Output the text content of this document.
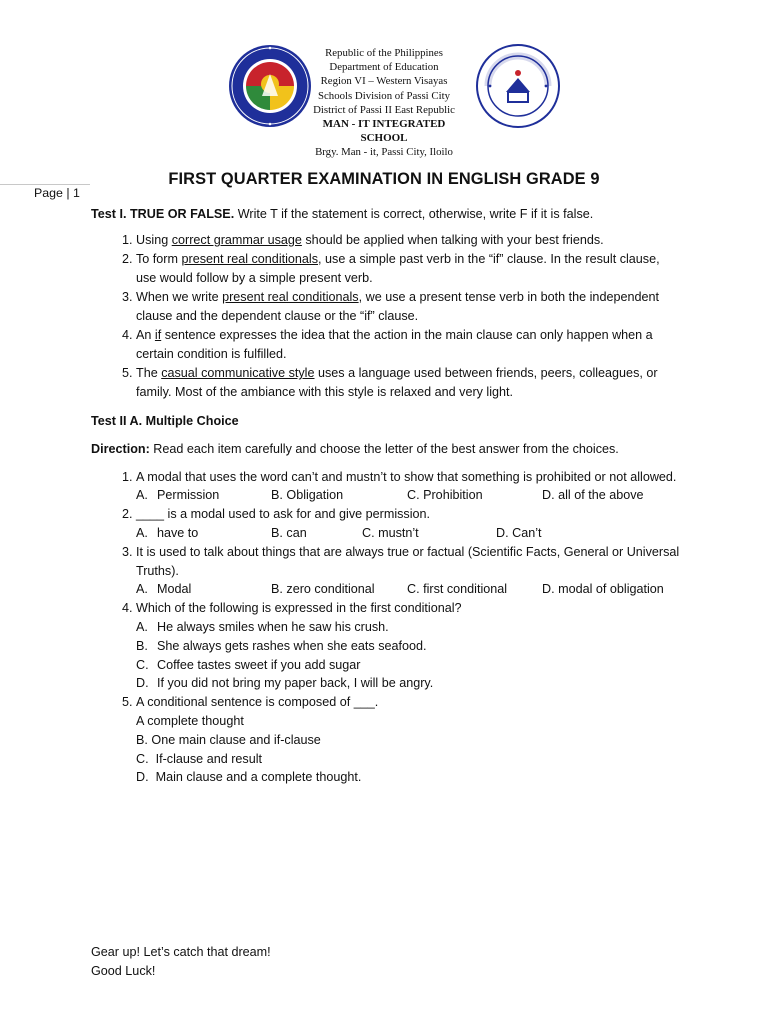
Republic of the Philippines
Department of Education
Region VI – Western Visayas
Schools Division of Passi City
District of Passi II East Republic
MAN - IT INTEGRATED SCHOOL
Brgy. Man - it, Passi City, Iloilo
Page | 1
FIRST QUARTER EXAMINATION IN ENGLISH GRADE 9

Test I. TRUE OR FALSE. Write T if the statement is correct, otherwise, write F if it is false.

1. Using correct grammar usage should be applied when talking with your best friends.
2. To form present real conditionals, use a simple past verb in the “if” clause. In the result clause, use would follow by a simple present verb.
3. When we write present real conditionals, we use a present tense verb in both the independent clause and the dependent clause or the “if” clause.
4. An if sentence expresses the idea that the action in the main clause can only happen when a certain condition is fulfilled.
5. The casual communicative style uses a language used between friends, peers, colleagues, or family. Most of the ambiance with this style is relaxed and very light.

Test II A. Multiple Choice

Direction: Read each item carefully and choose the letter of the best answer from the choices.

1. A modal that uses the word can’t and mustn’t to show that something is prohibited or not allowed.
A. Permission	B. Obligation	C. Prohibition	D. all of the above
2. ____ is a modal used to ask for and give permission.
A. have to	B. can	C. mustn’t	D. Can’t
3. It is used to talk about things that are always true or factual (Scientific Facts, General or Universal Truths).
A. Modal	B. zero conditional	C. first conditional	D. modal of obligation
4. Which of the following is expressed in the first conditional?
A. He always smiles when he saw his crush.
B. She always gets rashes when she eats seafood.
C. Coffee tastes sweet if you add sugar
D. If you did not bring my paper back, I will be angry.
5. A conditional sentence is composed of ___.
A complete thought
B. One main clause and if-clause
C. If-clause and result
D. Main clause and a complete thought.
Gear up! Let’s catch that dream!
Good Luck!
